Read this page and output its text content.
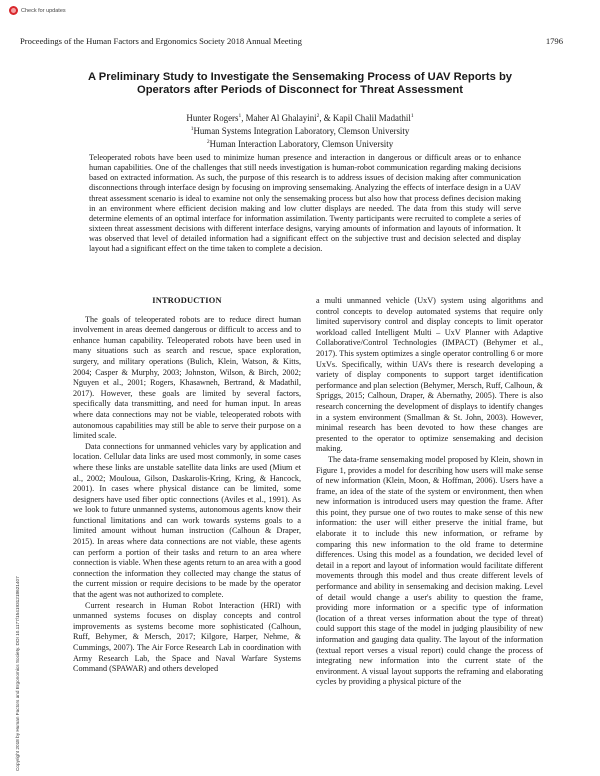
Check for updates
Proceedings of the Human Factors and Ergonomics Society 2018 Annual Meeting	1796
Copyright 2018 by Human Factors and Ergonomics Society. DOI 10.1177/1541931218621407
A Preliminary Study to Investigate the Sensemaking Process of UAV Reports by
Operators after Periods of Disconnect for Threat Assessment
Hunter Rogers$^1$, Maher Al Ghalayini$^2$, & Kapil Chalil Madathil$^1$
$^1$Human Systems Integration Laboratory, Clemson University
$^2$Human Interaction Laboratory, Clemson University
Teleoperated robots have been used to minimize human presence and interaction in dangerous or difficult areas or to enhance human capabilities. One of the challenges that still needs investigation is human-robot communication regarding making decisions based on extracted information. As such, the purpose of this research is to address issues of decision making after communication disconnections through interface design by focusing on improving sensemaking. Analyzing the effects of interface design in a UAV threat assessment scenario is ideal to examine not only the sensemaking process but also how that process defines decision making in an environment where efficient decision making and low clutter displays are needed. The data from this study will serve determine elements of an optimal interface for information assimilation. Twenty participants were recruited to complete a series of sixteen threat assessment decisions with different interface designs, varying amounts of information and layouts of information. It was observed that level of detailed information had a significant effect on the subjective trust and decision selected and display layout had a significant effect on the time taken to complete a decision.
INTRODUCTION

The goals of teleoperated robots are to reduce direct human involvement in areas deemed dangerous or difficult to access and to enhance human capability. Teleoperated robots have been used in many situations such as search and rescue, space exploration, surgery, and military operations (Bulich, Klein, Watson, & Kitts, 2004; Casper & Murphy, 2003; Johnston, Wilson, & Birch, 2002; Nguyen et al., 2001; Rogers, Khasawneh, Bertrand, & Madathil, 2017). However, these goals are limited by several factors, specifically data transmitting, and need for human input. In areas where data connections may not be viable, teleoperated robots with autonomous capabilities may still be able to serve their purpose on a limited scale.

Data connections for unmanned vehicles vary by application and location. Cellular data links are used most commonly, in some cases where these links are unstable satellite data links are used (Mium et al., 2002; Mouloua, Gilson, Daskarolis-Kring, Kring, & Hancock, 2001). In cases where physical distance can be limited, some designers have used fiber optic connections (Aviles et al., 1991). As we look to future unmanned systems, autonomous agents know their functional limitations and can work towards systems goals to a limited amount without human instruction (Calhoun & Draper, 2015). In areas where data connections are not viable, these agents can perform a portion of their tasks and return to an area where connection is viable. When these agents return to an area with a good connection the information they collected may change the status of the current mission or require decisions to be made by the operator that the agent was not authorized to complete.

Current research in Human Robot Interaction (HRI) with unmanned systems focuses on display concepts and control improvements as systems become more sophisticated (Calhoun, Ruff, Behymer, & Mersch, 2017; Kilgore, Harper, Nehme, & Cummings, 2007). The Air Force Research Lab in coordination with Army Research Lab, the Space and Naval Warfare Systems Command (SPAWAR) and others developed

a multi unmanned vehicle (UxV) system using algorithms and control concepts to develop automated systems that require only limited supervisory control and display concepts to limit operator workload called Intelligent Multi – UxV Planner with Adaptive Collaborative/Control Technologies (IMPACT) (Behymer et al., 2017). This system optimizes a single operator controlling 6 or more UxVs. Specifically, within UAVs there is research developing a variety of display components to support target identification performance and plan selection (Behymer, Mersch, Ruff, Calhoun, & Spriggs, 2015; Calhoun, Draper, & Abernathy, 2005). There is also research concerning the development of displays to identify changes in a system environment (Smallman & St. John, 2003). However, minimal research has been devoted to how these changes are presented to the operator to optimize sensemaking and decision making.

The data-frame sensemaking model proposed by Klein, shown in Figure 1, provides a model for describing how users will make sense of new information (Klein, Moon, & Hoffman, 2006). Users have a frame, an idea of the state of the system or environment, then when new information is introduced users may question the frame. After this point, they pursue one of two routes to make sense of this new information: the user will either preserve the initial frame, but elaborate it to include this new information, or reframe by comparing this new information to the old frame to determine differences. Using this model as a foundation, we decided level of detail in a report and layout of information would facilitate different movements through this model and thus create different levels of performance and ability in sensemaking and decision making. Level of detail would change a user's ability to question the frame, providing more information or a specific type of information (location of a threat verses information about the type of threat) could support this stage of the model in judging plausibility of new information and gauging data quality. The layout of the information (textual report verses a visual report) could change the process of integrating new information into the current state of the environment. A visual layout supports the reframing and elaborating cycles by providing a physical picture of the
